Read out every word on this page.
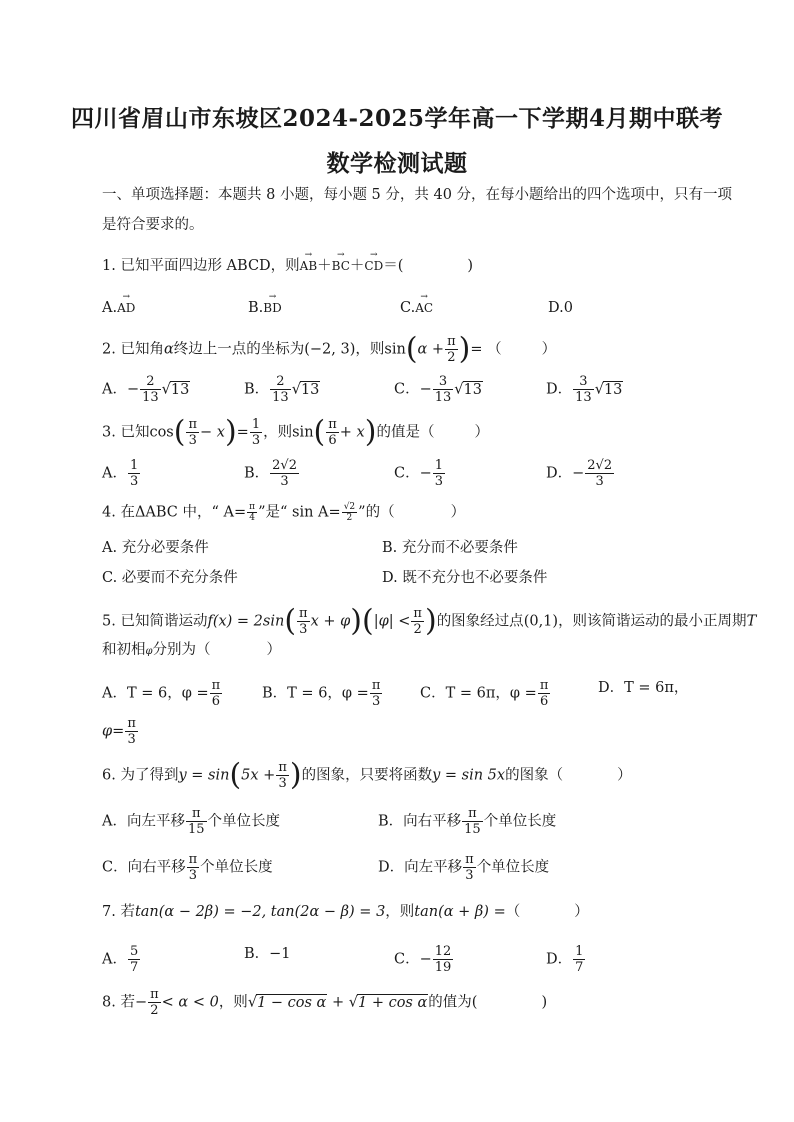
四川省眉山市东坡区2024-2025学年高一下学期4月期中联考
数学检测试题
一、单项选择题：本题共 8 小题，每小题 5 分，共 40 分，在每小题给出的四个选项中，只有一项
是符合要求的。
1. 已知平面四边形 ABCD，则→ AB＋→ BC＋→ CD＝(	)
A.→ AD	B.→ BD	C.→ AC	D.0
2. 已知角α终边上一点的坐标为(−2, 3)，则$\sin(\alpha + \frac{\pi}{2}$ )= （	）
A．− $\frac{2}{13} √13$	B． $\frac{2}{13} √13$	C．− $\frac{3}{13} √13$	D． $\frac{3}{13} √13$
3. 已知$\cos( \frac{\pi}{3} - x)= \frac{1}{3}$ ，则$\sin( \frac{\pi}{6} + x)$的值是（	）
A． $\frac{1}{3}$	B． $\frac{2√2}{3}$	C．− $\frac{1}{3}$	D．− $\frac{2√2}{3}$
4. 在ΔABC 中，“ $A= \frac{\pi}{4}$ ”是“ $\sin A= \frac{√2}{2}$ ”的（	）
A. 充分必要条件	B. 充分而不必要条件
C. 必要而不充分条件	D. 既不充分也不必要条件
5. 已知简谐运动$f(x) = 2\sin( \frac{\pi}{3}$ $x + \varphi)(|\varphi| < \frac{\pi}{2}$ )的图象经过点(0,1)，则该简谐运动的最小正周期T
和初相φ分别为（	）
A．T = 6，$\varphi = \frac{\pi}{6}$	B．T = 6，$\varphi = \frac{\pi}{3}$	C．T = 6π，$\varphi = \frac{\pi}{6}$	D．T = 6π，
$\varphi= \frac{\pi}{3}$
6. 为了得到$y = \sin(5x + \frac{\pi}{3}$ )的图象，只要将函数y = sin 5x的图象（	）
A．向左平移 $\frac{\pi}{15}$ 个单位长度	B．向右平移 $\frac{\pi}{15}$ 个单位长度
C．向右平移 $\frac{\pi}{3}$ 个单位长度	D．向左平移 $\frac{\pi}{3}$ 个单位长度
7. 若tan(α − 2β) = −2, tan(2α − β) = 3，则tan(α + β) =（	）
A． $\frac{5}{7}$	B．−1	C．− $\frac{12}{19}$	D． $\frac{1}{7}$
8. 若− $\frac{\pi}{2} < \alpha < 0$，则√1 − cos α + √1 + cos α的值为(	)
